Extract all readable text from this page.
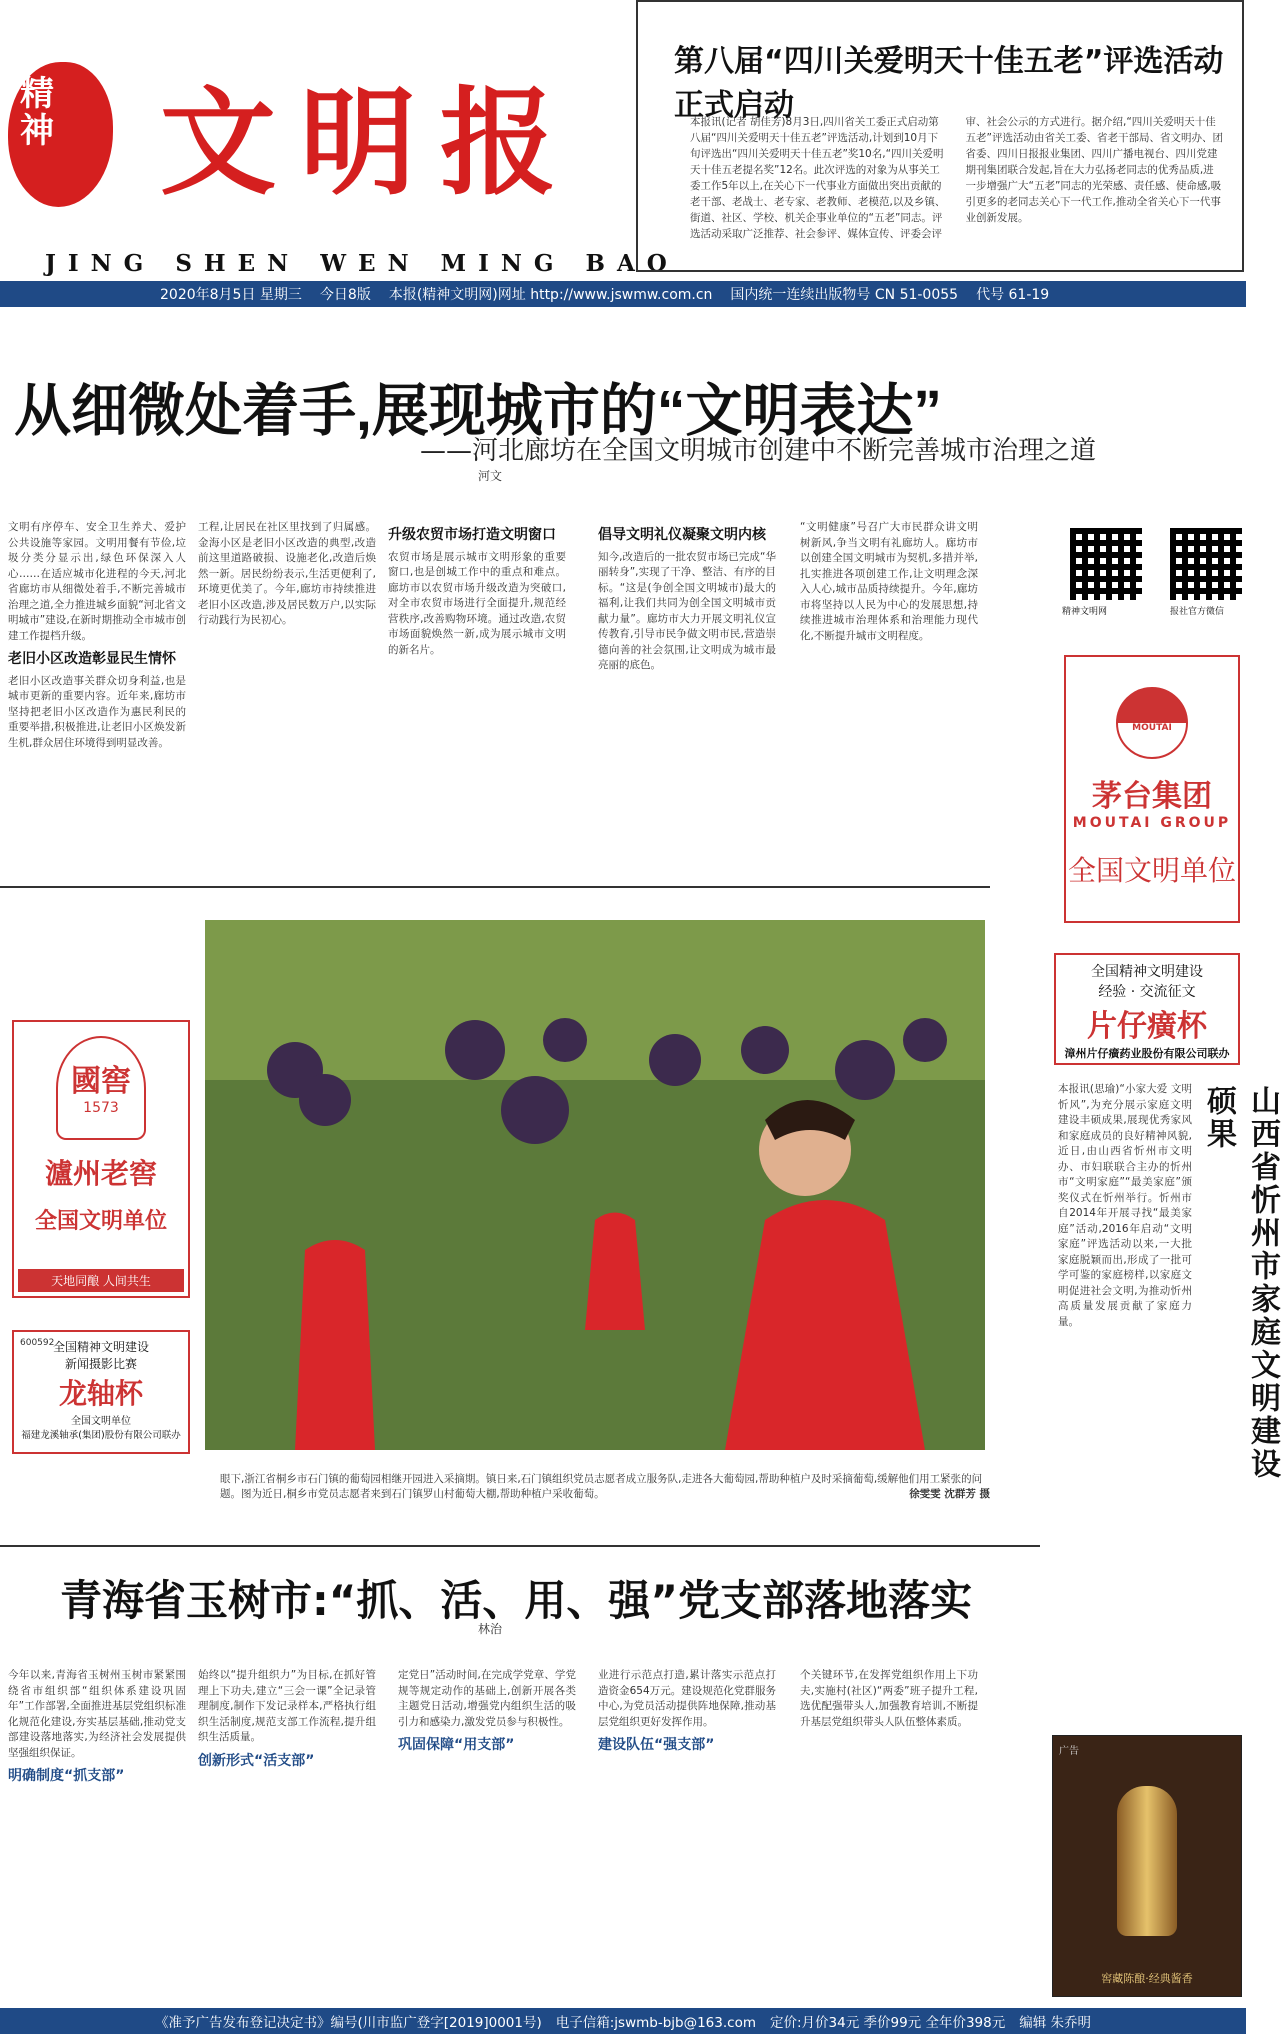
精神 文明报
JING SHEN WEN MING BAO
第八届“四川关爱明天十佳五老”评选活动正式启动
本报讯(记者 胡佳芳)8月3日,四川省关工委正式启动第八届“四川关爱明天十佳五老”评选活动,计划到10月下旬评选出“四川关爱明天十佳五老”奖10名,“四川关爱明天十佳五老提名奖”12名。此次评选的对象为从事关工委工作5年以上,在关心下一代事业方面做出突出贡献的老干部、老战士、老专家、老教师、老模范,以及乡镇、街道、社区、学校、机关企事业单位的“五老”同志。评选活动采取广泛推荐、社会参评、媒体宣传、评委会评审、社会公示的方式进行。据介绍,“四川关爱明天十佳五老”评选活动由省关工委、省老干部局、省文明办、团省委、四川日报报业集团、四川广播电视台、四川党建期刊集团联合发起,旨在大力弘扬老同志的优秀品质,进一步增强广大“五老”同志的光荣感、责任感、使命感,吸引更多的老同志关心下一代工作,推动全省关心下一代事业创新发展。
2020年8月5日 星期三 今日8版 本报(精神文明网)网址 http://www.jswmw.com.cn 国内统一连续出版物号 CN 51-0055 代号 61-19
从细微处着手,展现城市的“文明表达”
——河北廊坊在全国文明城市创建中不断完善城市治理之道
河文
文明有序停车、安全卫生养犬、爱护公共设施等家园。文明用餐有节俭,垃圾分类分显示出,绿色环保深入人心……在适应城市化进程的今天,河北省廊坊市从细微处着手,不断完善城市治理之道,全力推进城乡面貌“河北省文明城市”建设,在新时期推动全市城市创建工作提档升级。
老旧小区改造彰显民生情怀
老旧小区改造事关群众切身利益,也是城市更新的重要内容。近年来,廊坊市坚持把老旧小区改造作为惠民利民的重要举措,积极推进,让老旧小区焕发新生机,群众居住环境得到明显改善。
工程,让居民在社区里找到了归属感。金海小区是老旧小区改造的典型,改造前这里道路破损、设施老化,改造后焕然一新。居民纷纷表示,生活更便利了,环境更优美了。今年,廊坊市持续推进老旧小区改造,涉及居民数万户,以实际行动践行为民初心。
升级农贸市场打造文明窗口
农贸市场是展示城市文明形象的重要窗口,也是创城工作中的重点和难点。廊坊市以农贸市场升级改造为突破口,对全市农贸市场进行全面提升,规范经营秩序,改善购物环境。通过改造,农贸市场面貌焕然一新,成为展示城市文明的新名片。
倡导文明礼仪凝聚文明内核
知今,改造后的一批农贸市场已完成“华丽转身”,实现了干净、整洁、有序的目标。“这是(争创全国文明城市)最大的福利,让我们共同为创全国文明城市贡献力量”。廊坊市大力开展文明礼仪宣传教育,引导市民争做文明市民,营造崇德向善的社会氛围,让文明成为城市最亮丽的底色。
“文明健康”号召广大市民群众讲文明树新风,争当文明有礼廊坊人。廊坊市以创建全国文明城市为契机,多措并举,扎实推进各项创建工作,让文明理念深入人心,城市品质持续提升。今年,廊坊市将坚持以人民为中心的发展思想,持续推进城市治理体系和治理能力现代化,不断提升城市文明程度。
精神文明网	报社官方微信
MOUTAI
茅台集团
MOUTAI GROUP
全国文明单位
全国精神文明建设
经验 · 交流征文
片仔癀杯
漳州片仔癀药业股份有限公司联办
國窖
1573
瀘州老窖
全国文明单位
天地同酿 人间共生
600592
全国精神文明建设
新闻摄影比赛
龙轴杯
全国文明单位
福建龙溪轴承(集团)股份有限公司联办
眼下,浙江省桐乡市石门镇的葡萄园相继开园进入采摘期。镇日来,石门镇组织党员志愿者成立服务队,走进各大葡萄园,帮助种植户及时采摘葡萄,缓解他们用工紧张的问题。图为近日,桐乡市党员志愿者来到石门镇罗山村葡萄大棚,帮助种植户采收葡萄。	徐雯雯 沈群芳 摄
山西省忻州市家庭文明建设硕果
本报讯(思瑜)“小家大爱 文明忻风”,为充分展示家庭文明建设丰硕成果,展现优秀家风和家庭成员的良好精神风貌,近日,由山西省忻州市文明办、市妇联联合主办的忻州市“文明家庭”“最美家庭”颁奖仪式在忻州举行。忻州市自2014年开展寻找“最美家庭”活动,2016年启动“文明家庭”评选活动以来,一大批家庭脱颖而出,形成了一批可学可鉴的家庭榜样,以家庭文明促进社会文明,为推动忻州高质量发展贡献了家庭力量。
广告
窖藏陈酿·经典酱香
青海省玉树市:“抓、活、用、强”党支部落地落实
林治
今年以来,青海省玉树州玉树市紧紧围绕省市组织部“组织体系建设巩固年”工作部署,全面推进基层党组织标准化规范化建设,夯实基层基础,推动党支部建设落地落实,为经济社会发展提供坚强组织保证。
明确制度“抓支部”
始终以“提升组织力”为目标,在抓好管理上下功夫,建立“三会一课”全记录管理制度,制作下发记录样本,严格执行组织生活制度,规范支部工作流程,提升组织生活质量。
创新形式“活支部”
定党日”活动时间,在完成学党章、学党规等规定动作的基础上,创新开展各类主题党日活动,增强党内组织生活的吸引力和感染力,激发党员参与积极性。
巩固保障“用支部”
业进行示范点打造,累计落实示范点打造资金654万元。建设规范化党群服务中心,为党员活动提供阵地保障,推动基层党组织更好发挥作用。
建设队伍“强支部”
个关键环节,在发挥党组织作用上下功夫,实施村(社区)“两委”班子提升工程,选优配强带头人,加强教育培训,不断提升基层党组织带头人队伍整体素质。
《准予广告发布登记决定书》编号(川市监广登字[2019]0001号) 电子信箱:jswmb-bjb@163.com 定价:月价34元 季价99元 全年价398元 编辑 朱乔明
